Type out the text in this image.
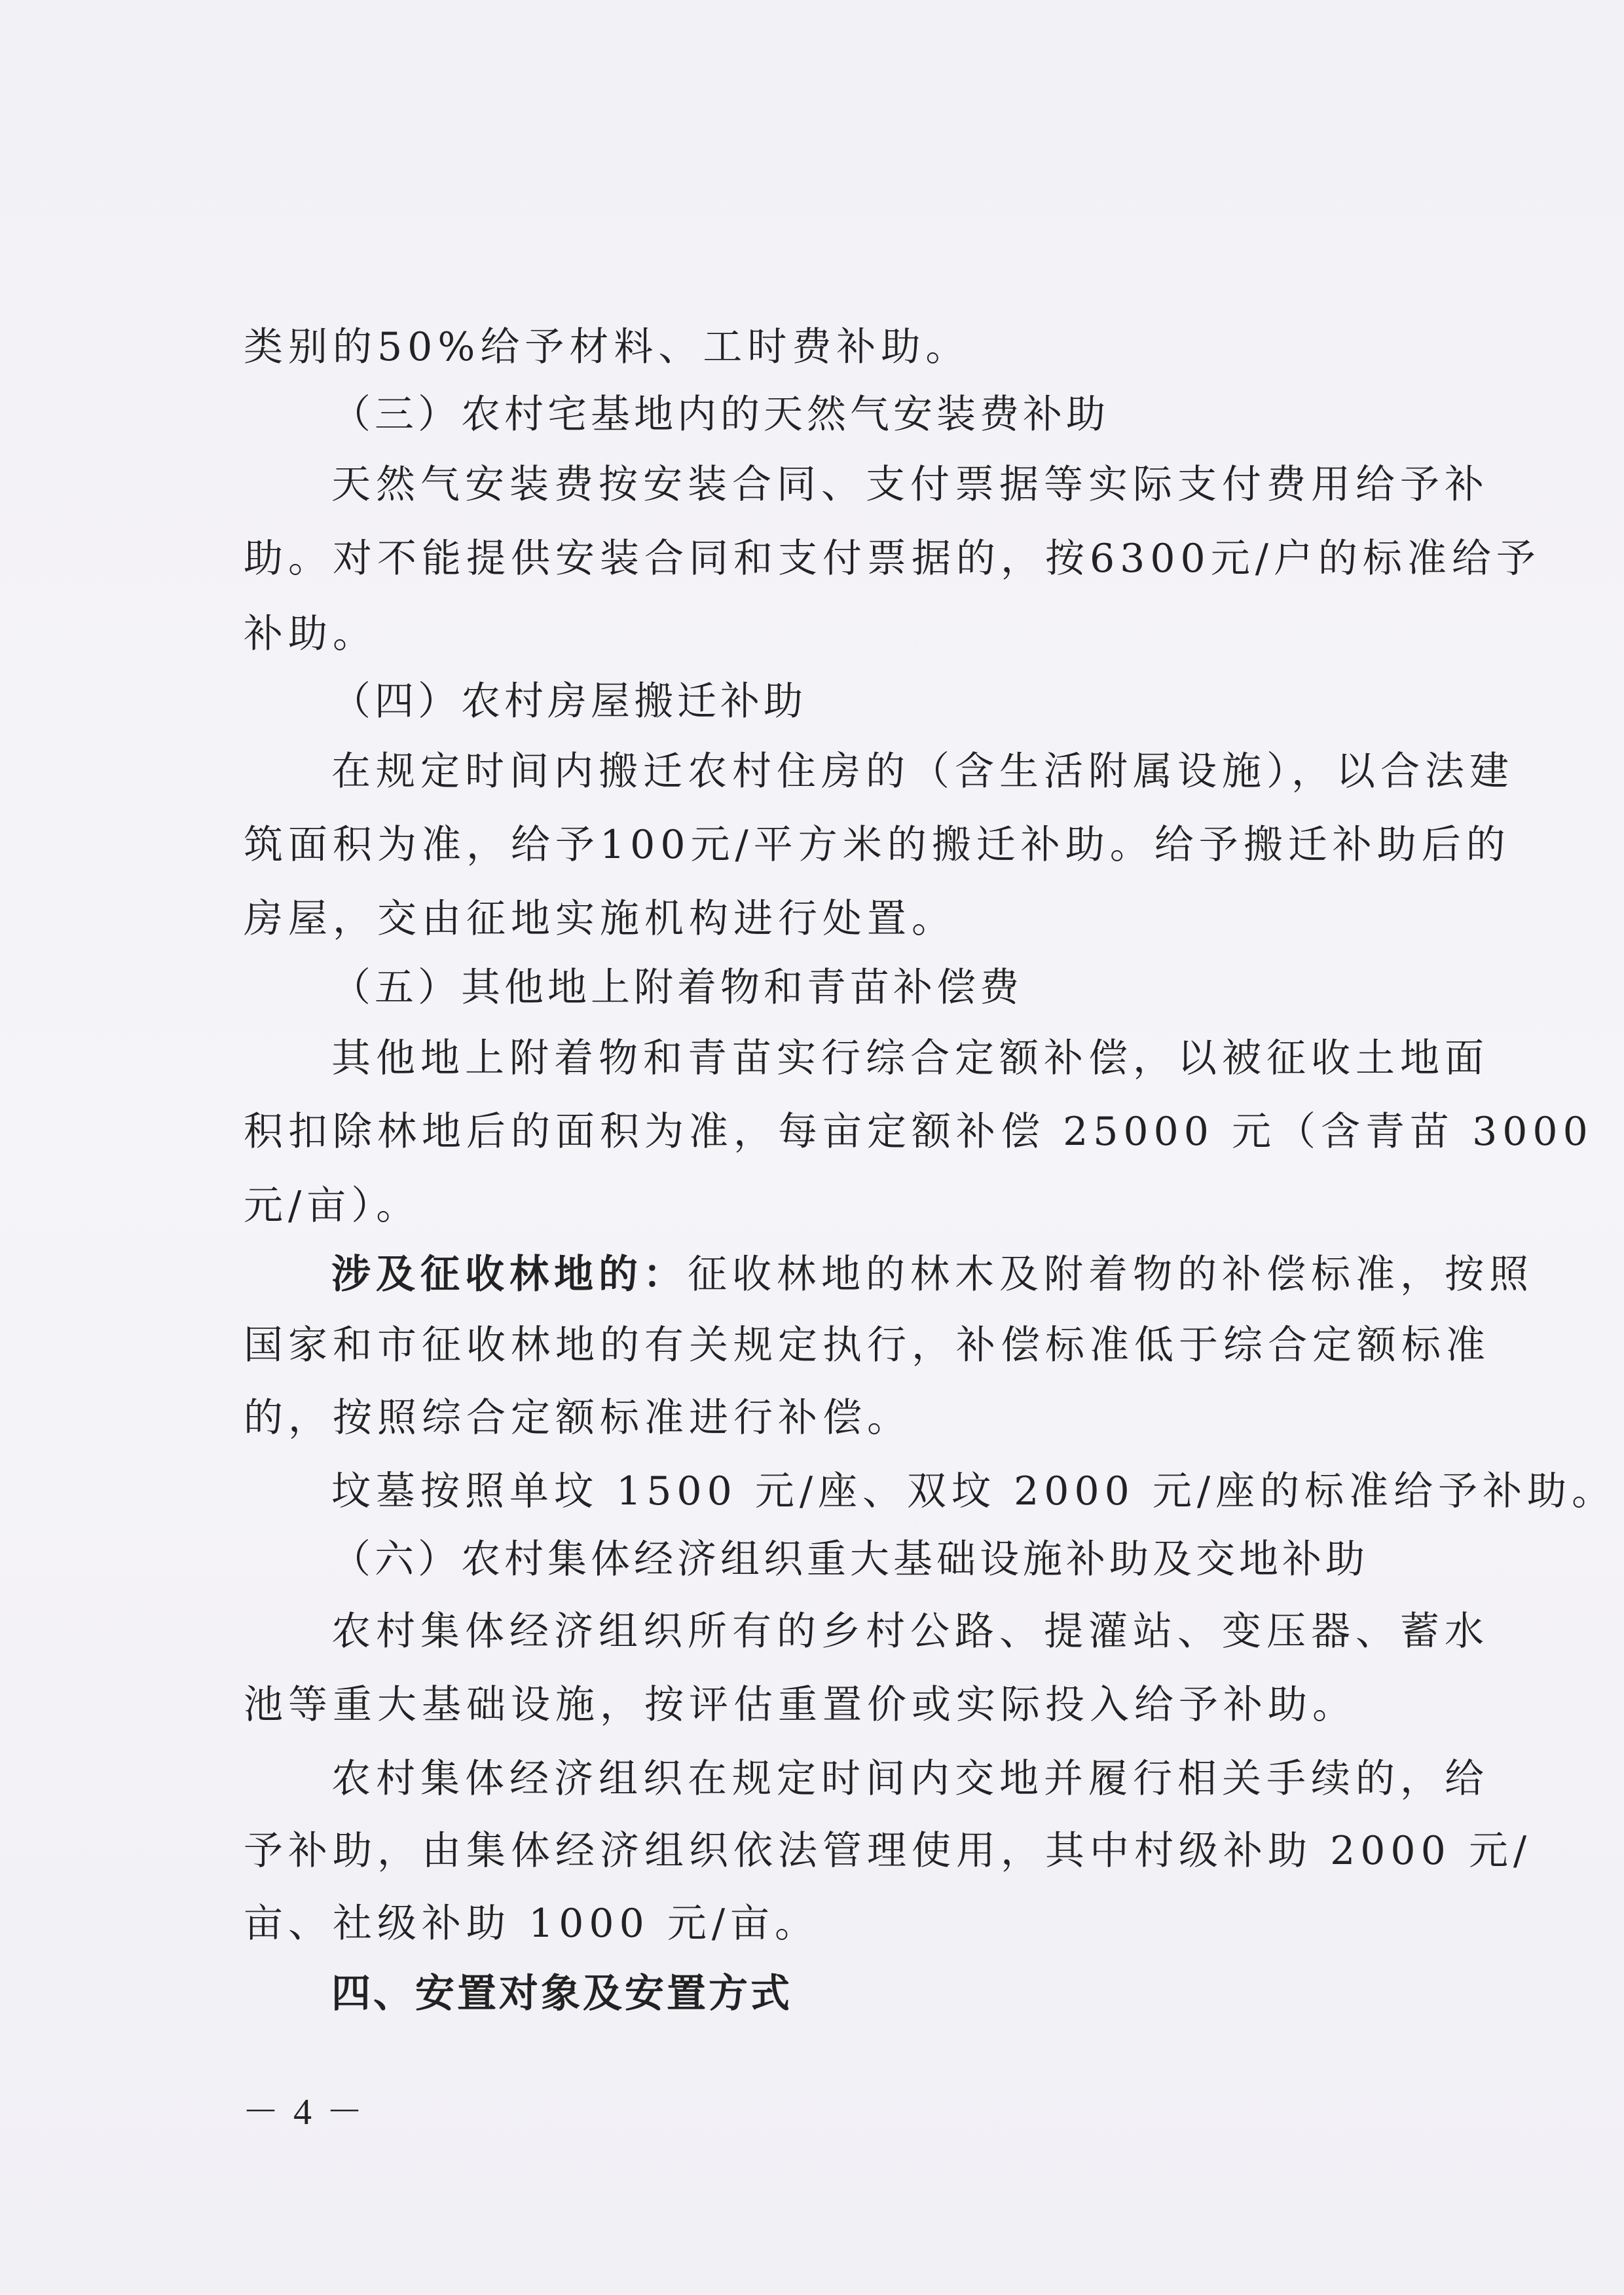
类别的50%给予材料、工时费补助。
（三）农村宅基地内的天然气安装费补助
天然气安装费按安装合同、支付票据等实际支付费用给予补
助。对不能提供安装合同和支付票据的，按6300元/户的标准给予
补助。
（四）农村房屋搬迁补助
在规定时间内搬迁农村住房的（含生活附属设施），以合法建
筑面积为准，给予100元/平方米的搬迁补助。给予搬迁补助后的
房屋，交由征地实施机构进行处置。
（五）其他地上附着物和青苗补偿费
其他地上附着物和青苗实行综合定额补偿，以被征收土地面
积扣除林地后的面积为准，每亩定额补偿 25000 元（含青苗 3000
元/亩）。
涉及征收林地的：征收林地的林木及附着物的补偿标准，按照
国家和市征收林地的有关规定执行，补偿标准低于综合定额标准
的，按照综合定额标准进行补偿。
坟墓按照单坟 1500 元/座、双坟 2000 元/座的标准给予补助。
（六）农村集体经济组织重大基础设施补助及交地补助
农村集体经济组织所有的乡村公路、提灌站、变压器、蓄水
池等重大基础设施，按评估重置价或实际投入给予补助。
农村集体经济组织在规定时间内交地并履行相关手续的，给
予补助，由集体经济组织依法管理使用，其中村级补助 2000 元/
亩、社级补助 1000 元/亩。
四、安置对象及安置方式
－ 4 －
